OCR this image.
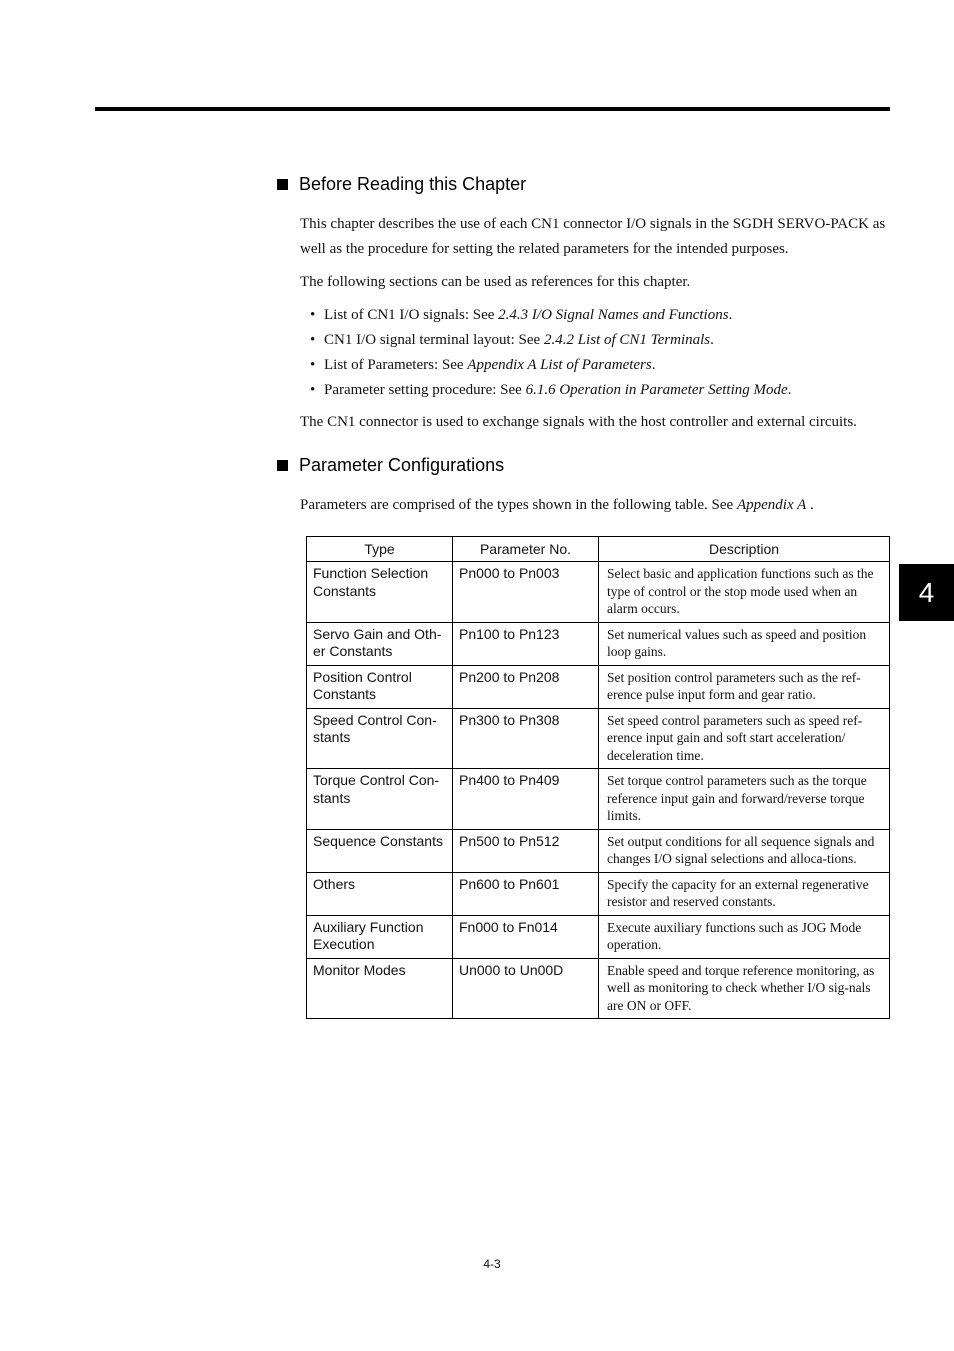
4
Before Reading this Chapter
This chapter describes the use of each CN1 connector I/O signals in the SGDH SERVO-PACK as well as the procedure for setting the related parameters for the intended purposes.
The following sections can be used as references for this chapter.
• List of CN1 I/O signals: See 2.4.3 I/O Signal Names and Functions.
• CN1 I/O signal terminal layout: See 2.4.2 List of CN1 Terminals.
• List of Parameters: See Appendix A List of Parameters.
• Parameter setting procedure: See 6.1.6 Operation in Parameter Setting Mode.
The CN1 connector is used to exchange signals with the host controller and external circuits.
Parameter Configurations
Parameters are comprised of the types shown in the following table. See Appendix A .
Type	Parameter No.	Description
Function Selection Constants	Pn000 to Pn003	Select basic and application functions such as the type of control or the stop mode used when an alarm occurs.
Servo Gain and Oth-er Constants	Pn100 to Pn123	Set numerical values such as speed and position loop gains.
Position Control Constants	Pn200 to Pn208	Set position control parameters such as the ref-erence pulse input form and gear ratio.
Speed Control Con-stants	Pn300 to Pn308	Set speed control parameters such as speed ref-erence input gain and soft start acceleration/ deceleration time.
Torque Control Con-stants	Pn400 to Pn409	Set torque control parameters such as the torque reference input gain and forward/reverse torque limits.
Sequence Constants	Pn500 to Pn512	Set output conditions for all sequence signals and changes I/O signal selections and alloca-tions.
Others	Pn600 to Pn601	Specify the capacity for an external regenerative resistor and reserved constants.
Auxiliary Function Execution	Fn000 to Fn014	Execute auxiliary functions such as JOG Mode operation.
Monitor Modes	Un000 to Un00D	Enable speed and torque reference monitoring, as well as monitoring to check whether I/O sig-nals are ON or OFF.
4-3
